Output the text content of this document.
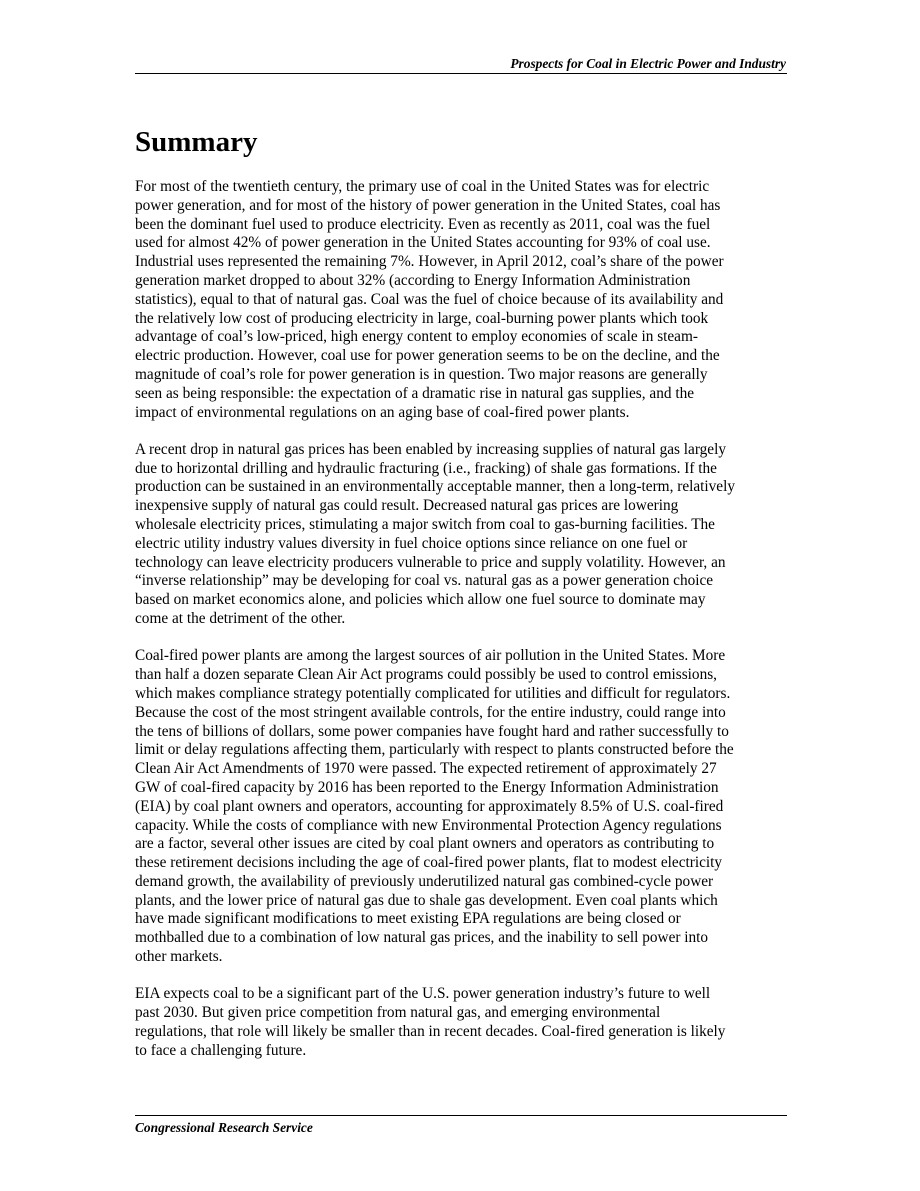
Prospects for Coal in Electric Power and Industry
Summary

For most of the twentieth century, the primary use of coal in the United States was for electric
power generation, and for most of the history of power generation in the United States, coal has
been the dominant fuel used to produce electricity. Even as recently as 2011, coal was the fuel
used for almost 42% of power generation in the United States accounting for 93% of coal use.
Industrial uses represented the remaining 7%. However, in April 2012, coal’s share of the power
generation market dropped to about 32% (according to Energy Information Administration
statistics), equal to that of natural gas. Coal was the fuel of choice because of its availability and
the relatively low cost of producing electricity in large, coal-burning power plants which took
advantage of coal’s low-priced, high energy content to employ economies of scale in steam-
electric production. However, coal use for power generation seems to be on the decline, and the
magnitude of coal’s role for power generation is in question. Two major reasons are generally
seen as being responsible: the expectation of a dramatic rise in natural gas supplies, and the
impact of environmental regulations on an aging base of coal-fired power plants.

A recent drop in natural gas prices has been enabled by increasing supplies of natural gas largely
due to horizontal drilling and hydraulic fracturing (i.e., fracking) of shale gas formations. If the
production can be sustained in an environmentally acceptable manner, then a long-term, relatively
inexpensive supply of natural gas could result. Decreased natural gas prices are lowering
wholesale electricity prices, stimulating a major switch from coal to gas-burning facilities. The
electric utility industry values diversity in fuel choice options since reliance on one fuel or
technology can leave electricity producers vulnerable to price and supply volatility. However, an
“inverse relationship” may be developing for coal vs. natural gas as a power generation choice
based on market economics alone, and policies which allow one fuel source to dominate may
come at the detriment of the other.

Coal-fired power plants are among the largest sources of air pollution in the United States. More
than half a dozen separate Clean Air Act programs could possibly be used to control emissions,
which makes compliance strategy potentially complicated for utilities and difficult for regulators.
Because the cost of the most stringent available controls, for the entire industry, could range into
the tens of billions of dollars, some power companies have fought hard and rather successfully to
limit or delay regulations affecting them, particularly with respect to plants constructed before the
Clean Air Act Amendments of 1970 were passed. The expected retirement of approximately 27
GW of coal-fired capacity by 2016 has been reported to the Energy Information Administration
(EIA) by coal plant owners and operators, accounting for approximately 8.5% of U.S. coal-fired
capacity. While the costs of compliance with new Environmental Protection Agency regulations
are a factor, several other issues are cited by coal plant owners and operators as contributing to
these retirement decisions including the age of coal-fired power plants, flat to modest electricity
demand growth, the availability of previously underutilized natural gas combined-cycle power
plants, and the lower price of natural gas due to shale gas development. Even coal plants which
have made significant modifications to meet existing EPA regulations are being closed or
mothballed due to a combination of low natural gas prices, and the inability to sell power into
other markets.

EIA expects coal to be a significant part of the U.S. power generation industry’s future to well
past 2030. But given price competition from natural gas, and emerging environmental
regulations, that role will likely be smaller than in recent decades. Coal-fired generation is likely
to face a challenging future.

Congressional Research Service
